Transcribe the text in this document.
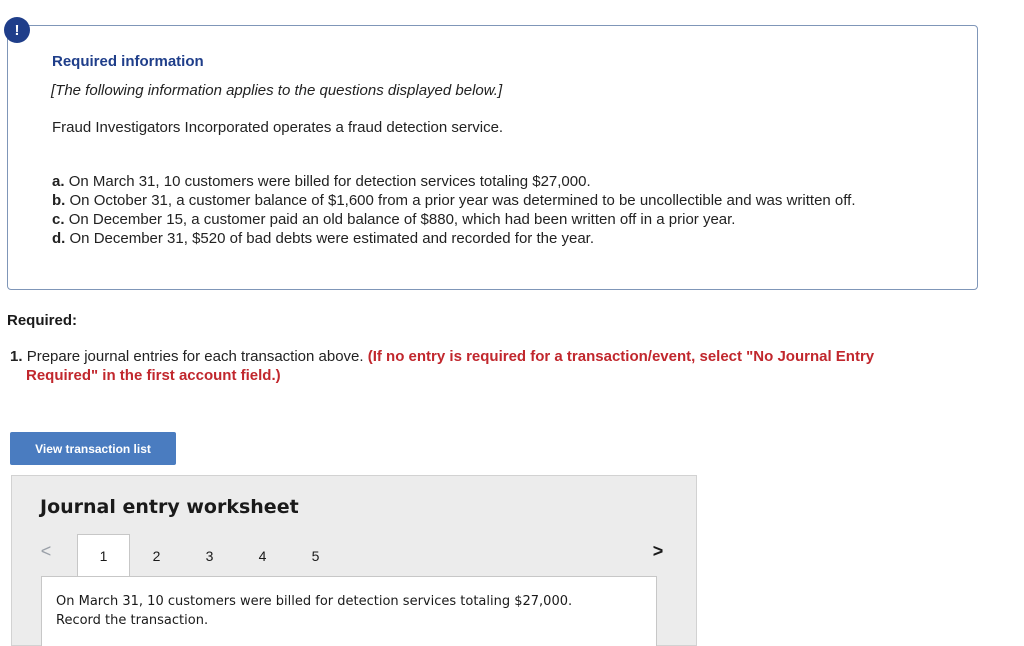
Required information
[The following information applies to the questions displayed below.]
Fraud Investigators Incorporated operates a fraud detection service.
a. On March 31, 10 customers were billed for detection services totaling $27,000.
b. On October 31, a customer balance of $1,600 from a prior year was determined to be uncollectible and was written off.
c. On December 15, a customer paid an old balance of $880, which had been written off in a prior year.
d. On December 31, $520 of bad debts were estimated and recorded for the year.
!
Required:
1. Prepare journal entries for each transaction above. (If no entry is required for a transaction/event, select "No Journal Entry
Required" in the first account field.)
View transaction list
Journal entry worksheet
<	1	2	3	4	5	>
On March 31, 10 customers were billed for detection services totaling $27,000.
Record the transaction.
